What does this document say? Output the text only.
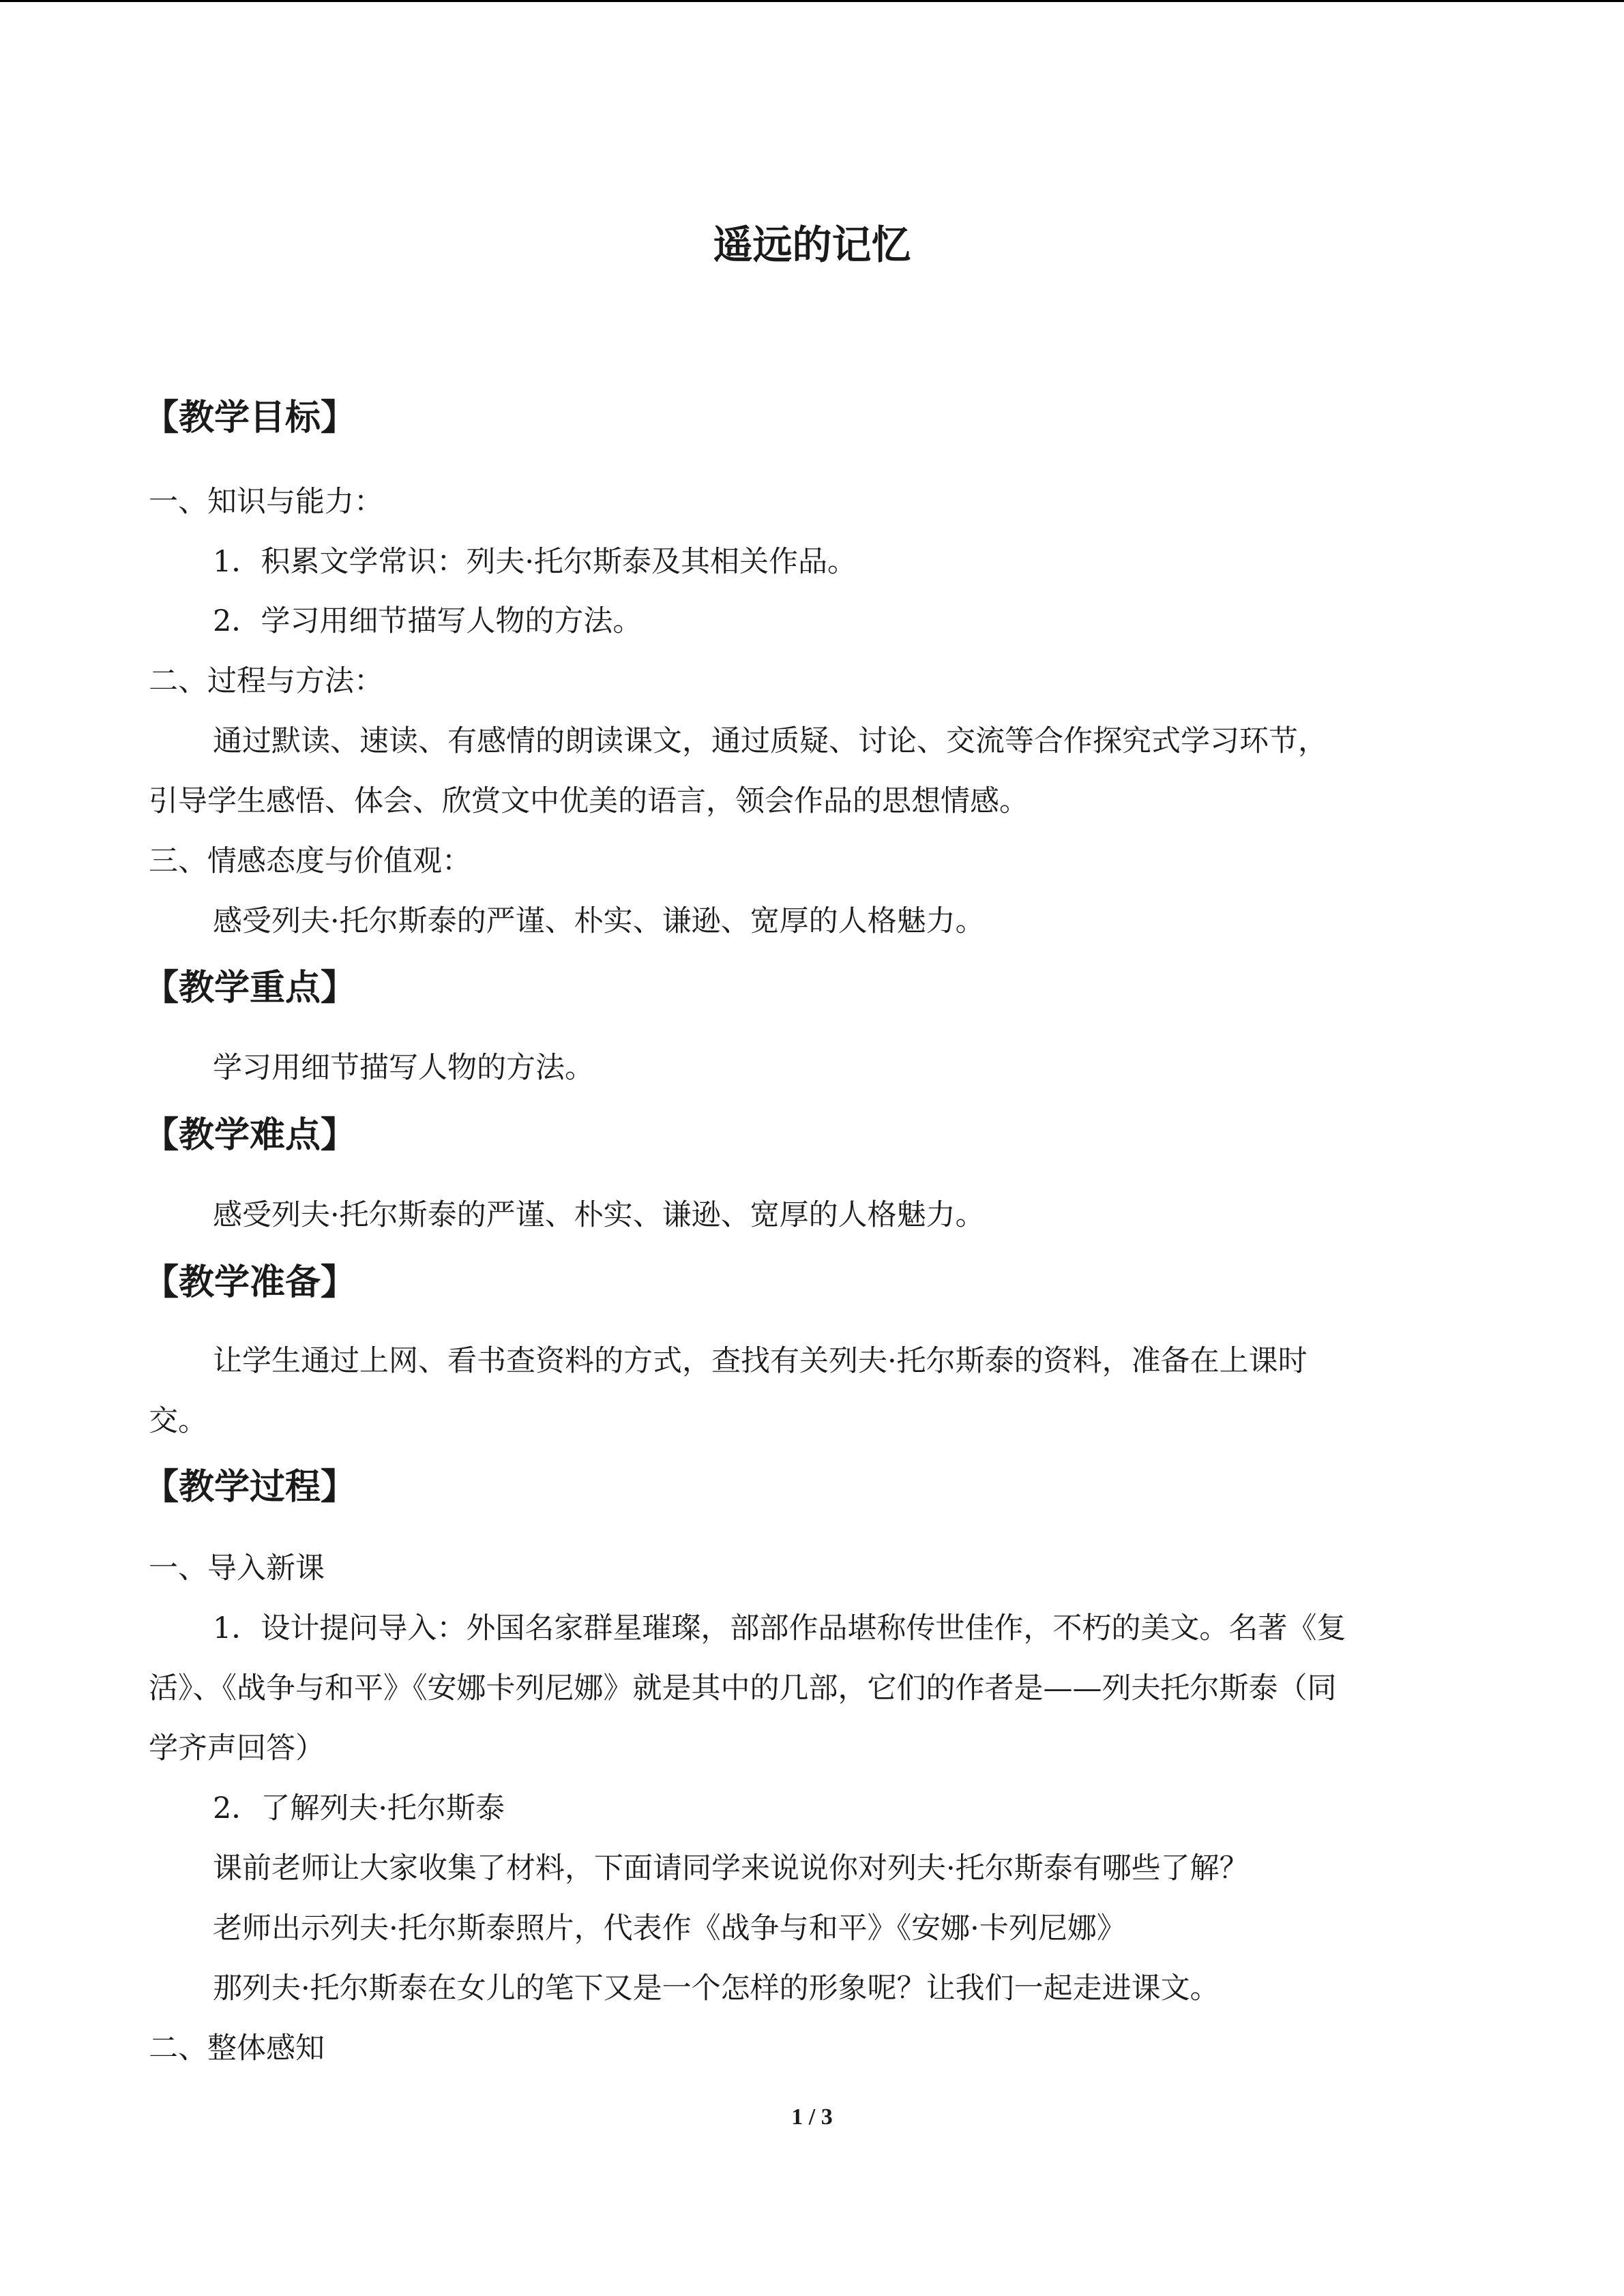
遥远的记忆
【教学目标】
一、知识与能力：
1．积累文学常识：列夫·托尔斯泰及其相关作品。
2．学习用细节描写人物的方法。
二、过程与方法：
通过默读、速读、有感情的朗读课文，通过质疑、讨论、交流等合作探究式学习环节，
引导学生感悟、体会、欣赏文中优美的语言，领会作品的思想情感。
三、情感态度与价值观：
感受列夫·托尔斯泰的严谨、朴实、谦逊、宽厚的人格魅力。
【教学重点】
学习用细节描写人物的方法。
【教学难点】
感受列夫·托尔斯泰的严谨、朴实、谦逊、宽厚的人格魅力。
【教学准备】
让学生通过上网、看书查资料的方式，查找有关列夫·托尔斯泰的资料，准备在上课时
交。
【教学过程】
一、导入新课
1．设计提问导入：外国名家群星璀璨，部部作品堪称传世佳作，不朽的美文。名著《复
活》、《战争与和平》《安娜卡列尼娜》就是其中的几部，它们的作者是——列夫托尔斯泰（同
学齐声回答）
2．了解列夫·托尔斯泰
课前老师让大家收集了材料，下面请同学来说说你对列夫·托尔斯泰有哪些了解？
老师出示列夫·托尔斯泰照片，代表作《战争与和平》《安娜·卡列尼娜》
那列夫·托尔斯泰在女儿的笔下又是一个怎样的形象呢？让我们一起走进课文。
二、整体感知
1 / 3
